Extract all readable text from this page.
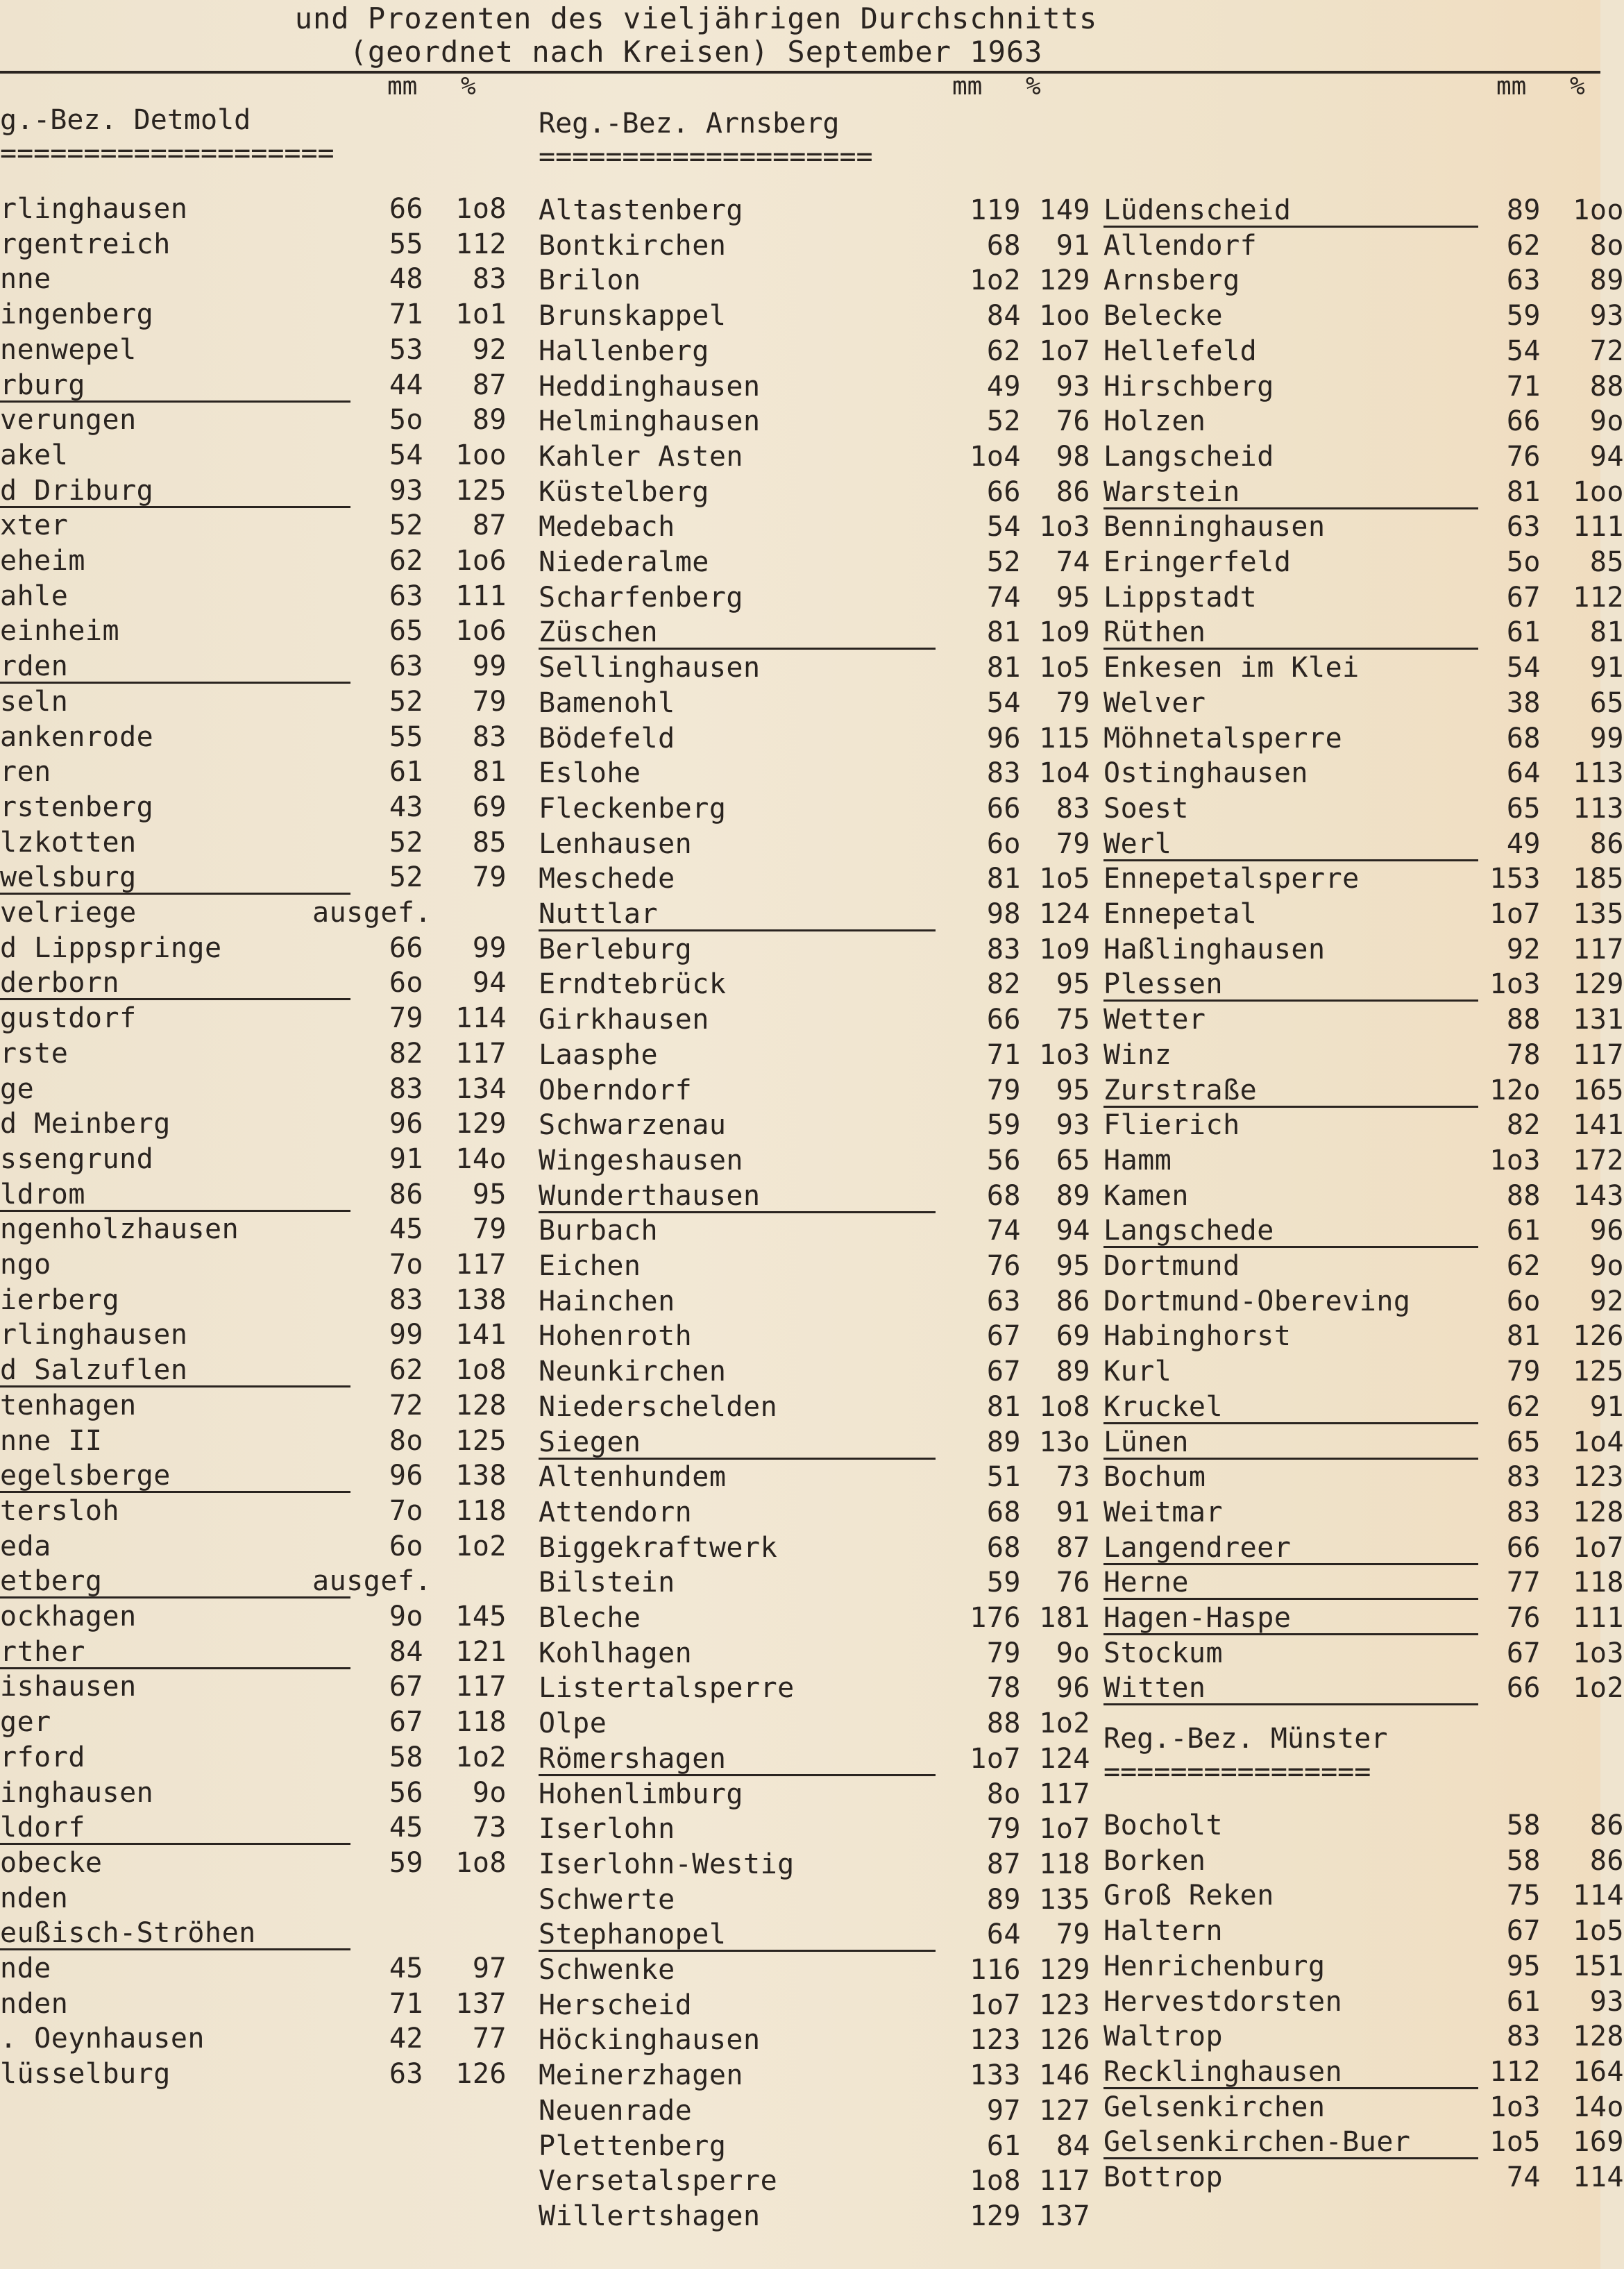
und Prozenten des vieljährigen Durchschnitts
(geordnet nach Kreisen) September 1963
mm %	mm %	mm %
g.-Bez. Detmold
====================
Reg.-Bez. Arnsberg
====================
rlinghausen	66	1o8
rgentreich	55	112
nne	48	83
ingenberg	71	1o1
nenwepel	53	92
rburg	44	87
verungen	5o	89
akel	54	1oo
d Driburg	93	125
xter	52	87
eheim	62	1o6
ahle	63	111
einheim	65	1o6
rden	63	99
seln	52	79
ankenrode	55	83
ren	61	81
rstenberg	43	69
lzkotten	52	85
welsburg	52	79
velriege	ausgef.
d Lippspringe	66	99
derborn	6o	94
gustdorf	79	114
rste	82	117
ge	83	134
d Meinberg	96	129
ssengrund	91	14o
ldrom	86	95
ngenholzhausen	45	79
ngo	7o	117
ierberg	83	138
rlinghausen	99	141
d Salzuflen	62	1o8
tenhagen	72	128
nne II	8o	125
egelsberge	96	138
tersloh	7o	118
eda	6o	1o2
etberg	ausgef.
ockhagen	9o	145
rther	84	121
ishausen	67	117
ger	67	118
rford	58	1o2
inghausen	56	9o
ldorf	45	73
obecke	59	1o8
nden
eußisch-Ströhen
nde	45	97
nden	71	137
. Oeynhausen	42	77
lüsselburg	63	126
Altastenberg	119 149
Bontkirchen	68	91
Brilon	1o2 129
Brunskappel	84 1oo
Hallenberg	62 1o7
Heddinghausen	49	93
Helminghausen	52	76
Kahler Asten	1o4	98
Küstelberg	66	86
Medebach	54 1o3
Niederalme	52	74
Scharfenberg	74	95
Züschen	81 1o9
Sellinghausen	81 1o5
Bamenohl	54	79
Bödefeld	96 115
Eslohe	83 1o4
Fleckenberg	66	83
Lenhausen	6o	79
Meschede	81 1o5
Nuttlar	98 124
Berleburg	83 1o9
Erndtebrück	82	95
Girkhausen	66	75
Laasphe	71 1o3
Oberndorf	79	95
Schwarzenau	59	93
Wingeshausen	56	65
Wunderthausen	68	89
Burbach	74	94
Eichen	76	95
Hainchen	63	86
Hohenroth	67	69
Neunkirchen	67	89
Niederschelden	81 1o8
Siegen	89 13o
Altenhundem	51	73
Attendorn	68	91
Biggekraftwerk	68	87
Bilstein	59	76
Bleche	176 181
Kohlhagen	79	9o
Listertalsperre	78	96
Olpe	88 1o2
Römershagen	1o7 124
Hohenlimburg	8o 117
Iserlohn	79 1o7
Iserlohn-Westig	87 118
Schwerte	89 135
Stephanopel	64	79
Schwenke	116 129
Herscheid	1o7 123
Höckinghausen	123 126
Meinerzhagen	133 146
Neuenrade	97 127
Plettenberg	61	84
Versetalsperre	1o8 117
Willertshagen	129 137
Lüdenscheid	89	1oo
Allendorf	62	8o
Arnsberg	63	89
Belecke	59	93
Hellefeld	54	72
Hirschberg	71	88
Holzen	66	9o
Langscheid	76	94
Warstein	81	1oo
Benninghausen	63	111
Eringerfeld	5o	85
Lippstadt	67	112
Rüthen	61	81
Enkesen im Klei	54	91
Welver	38	65
Möhnetalsperre	68	99
Ostinghausen	64	113
Soest	65	113
Werl	49	86
Ennepetalsperre	153	185
Ennepetal	1o7	135
Haßlinghausen	92	117
Plessen	1o3	129
Wetter	88	131
Winz	78	117
Zurstraße	12o	165
Flierich	82	141
Hamm	1o3	172
Kamen	88	143
Langschede	61	96
Dortmund	62	9o
Dortmund-Obereving	6o	92
Habinghorst	81	126
Kurl	79	125
Kruckel	62	91
Lünen	65	1o4
Bochum	83	123
Weitmar	83	128
Langendreer	66	1o7
Herne	77	118
Hagen-Haspe	76	111
Stockum	67	1o3
Witten	66	1o2
Reg.-Bez. Münster
================
Bocholt	58	86
Borken	58	86
Groß Reken	75	114
Haltern	67	1o5
Henrichenburg	95	151
Hervestdorsten	61	93
Waltrop	83	128
Recklinghausen	112	164
Gelsenkirchen	1o3	14o
Gelsenkirchen-Buer	1o5	169
Bottrop	74	114
